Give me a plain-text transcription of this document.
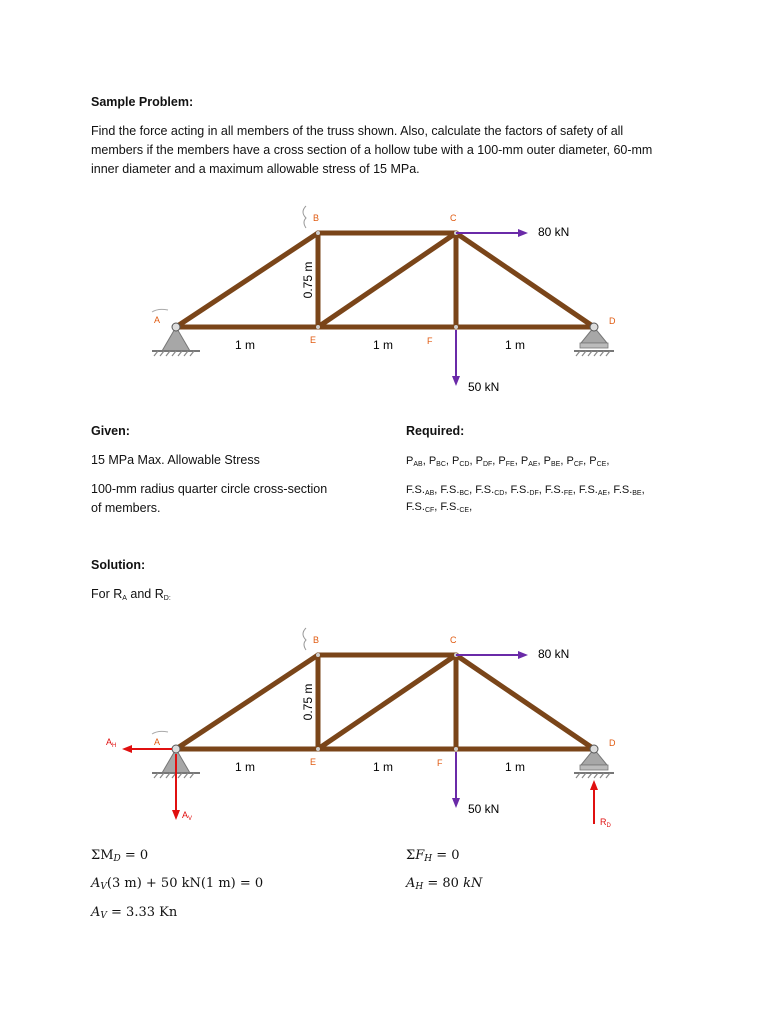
Sample Problem:
Find the force acting in all members of the truss shown. Also, calculate the factors of safety of all members if the members have a cross section of a hollow tube with a 100-mm outer diameter, 60-mm inner diameter and a maximum allowable stress of 15 MPa.
0.75 m
A
B	C
D
E	F
1 m	1 m	1 m
80 kN
50 kN
Given:
15 MPa Max. Allowable Stress
100-mm radius quarter circle cross-section
of members.
Required:
$P_{AB}$, $P_{BC}$, $P_{CD}$, $P_{DF}$, $P_{FE}$, $P_{AE}$, $P_{BE}$, $P_{CF}$, $P_{CE}$,
$F.S._{AB}$, $F.S._{BC}$, $F.S._{CD}$, $F.S._{DF}$, $F.S._{FE}$, $F.S._{AE}$, $F.S._{BE}$,
$F.S._{CF}$, $F.S._{CE}$,
Solution:
For $R_A$ and $R_{D:}$
0.75 m
A
B	C
D
E	F
1 m	1 m	1 m
80 kN
50 kN
$A_H$
$A_V$	$R_D$
$\Sigma M_D = 0$
$A_V(3$ m) + 50 kN(1 m) = 0
$A_V = 3.33$ Kn
$\Sigma F_H = 0$
$A_H = 80$ kN
